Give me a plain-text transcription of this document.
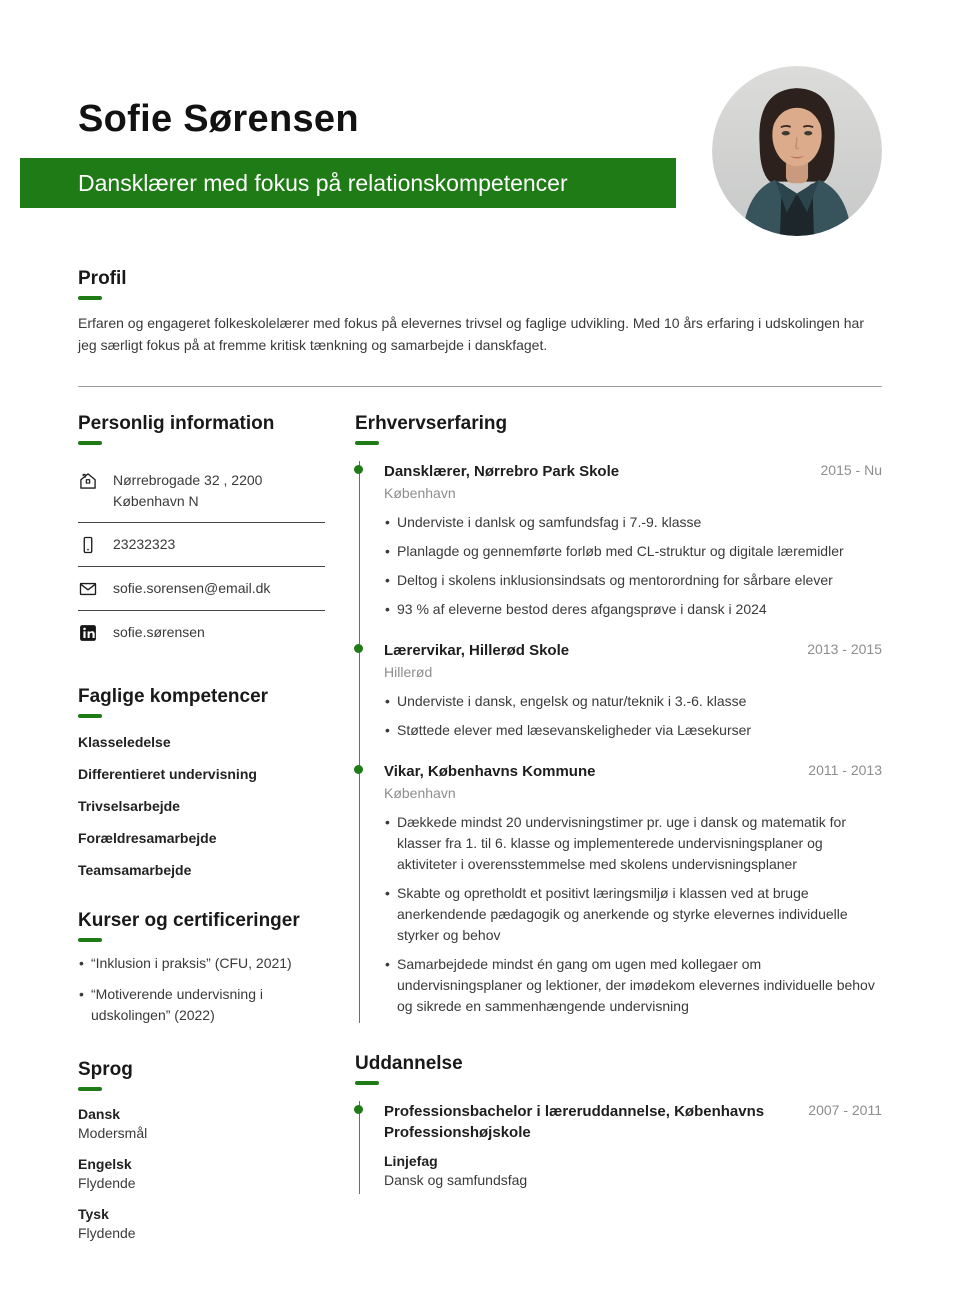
Sofie Sørensen
Dansklærer med fokus på relationskompetencer
Profil

Erfaren og engageret folkeskolelærer med fokus på elevernes trivsel og faglige udvikling. Med 10 års erfaring i udskolingen har jeg særligt fokus på at fremme kritisk tænkning og samarbejde i danskfaget.

Personlig information
Nørrebrogade 32 , 2200 København N
23232323
sofie.sorensen@email.dk
sofie.sørensen
Faglige kompetencer
Klasseledelse
Differentieret undervisning
Trivselsarbejde
Forældresamarbejde
Teamsamarbejde
Kurser og certificeringer
• “Inklusion i praksis” (CFU, 2021)
• “Motiverende undervisning i udskolingen” (2022)
Sprog
Dansk
Modersmål
Engelsk
Flydende
Tysk
Flydende
Erhvervserfaring
Dansklærer, Nørrebro Park Skole	2015 - Nu
København
• Underviste i danlsk og samfundsfag i 7.-9. klasse
• Planlagde og gennemførte forløb med CL-struktur og digitale læremidler
• Deltog i skolens inklusionsindsats og mentorordning for sårbare elever
• 93 % af eleverne bestod deres afgangsprøve i dansk i 2024
Lærervikar, Hillerød Skole	2013 - 2015
Hillerød
• Underviste i dansk, engelsk og natur/teknik i 3.-6. klasse
• Støttede elever med læsevanskeligheder via Læsekurser
Vikar, Københavns Kommune	2011 - 2013
København
• Dækkede mindst 20 undervisningstimer pr. uge i dansk og matematik for klasser fra 1. til 6. klasse og implementerede undervisningsplaner og aktiviteter i overensstemmelse med skolens undervisningsplaner
• Skabte og opretholdt et positivt læringsmiljø i klassen ved at bruge anerkendende pædagogik og anerkende og styrke elevernes individuelle styrker og behov
• Samarbejdede mindst én gang om ugen med kollegaer om undervisningsplaner og lektioner, der imødekom elevernes individuelle behov og sikrede en sammenhængende undervisning
Uddannelse
Professionsbachelor i læreruddannelse, Københavns Professionshøjskole
2007 - 2011
Linjefag
Dansk og samfundsfag
